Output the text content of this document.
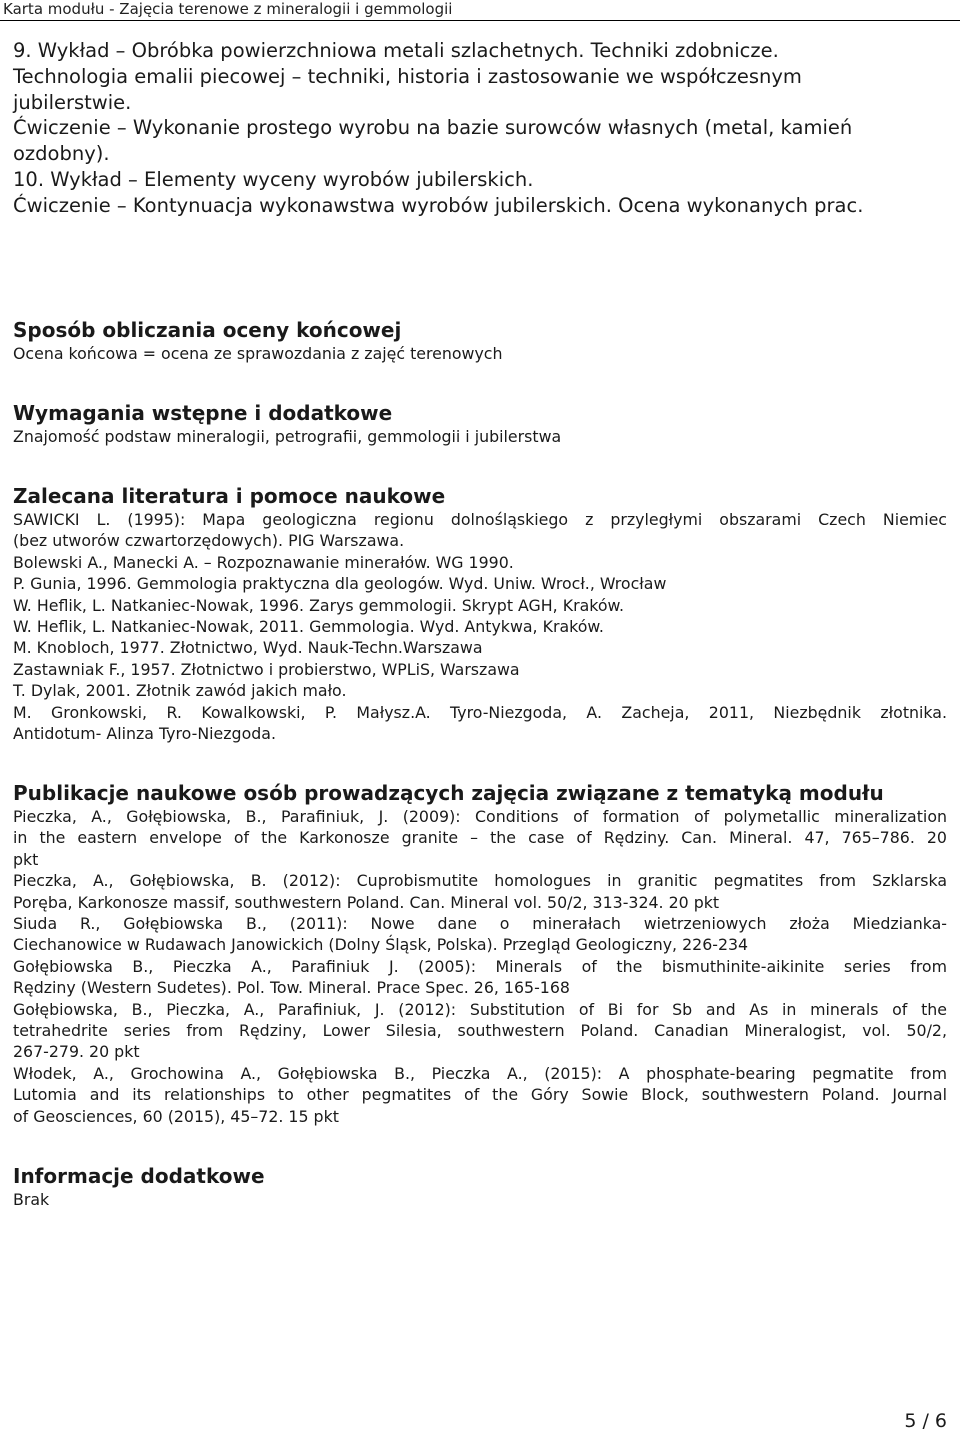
Karta modułu - Zajęcia terenowe z mineralogii i gemmologii

9. Wykład – Obróbka powierzchniowa metali szlachetnych. Techniki zdobnicze.

Technologia emalii piecowej – techniki, historia i zastosowanie we współczesnym

jubilerstwie.

Ćwiczenie – Wykonanie prostego wyrobu na bazie surowców własnych (metal, kamień

ozdobny).

10. Wykład – Elementy wyceny wyrobów jubilerskich.

Ćwiczenie – Kontynuacja wykonawstwa wyrobów jubilerskich. Ocena wykonanych prac.

Sposób obliczania oceny końcowej

Ocena końcowa = ocena ze sprawozdania z zajęć terenowych

Wymagania wstępne i dodatkowe

Znajomość podstaw mineralogii, petrografii, gemmologii i jubilerstwa

Zalecana literatura i pomoce naukowe

SAWICKI L. (1995): Mapa geologiczna regionu dolnośląskiego z przyległymi obszarami Czech Niemiec

(bez utworów czwartorzędowych). PIG Warszawa.

Bolewski A., Manecki A. – Rozpoznawanie minerałów. WG 1990.

P. Gunia, 1996. Gemmologia praktyczna dla geologów. Wyd. Uniw. Wrocł., Wrocław

W. Heflik, L. Natkaniec-Nowak, 1996. Zarys gemmologii. Skrypt AGH, Kraków.

W. Heflik, L. Natkaniec-Nowak, 2011. Gemmologia. Wyd. Antykwa, Kraków.

M. Knobloch, 1977. Złotnictwo, Wyd. Nauk-Techn.Warszawa

Zastawniak F., 1957. Złotnictwo i probierstwo, WPLiS, Warszawa

T. Dylak, 2001. Złotnik zawód jakich mało.

M. Gronkowski, R. Kowalkowski, P. Małysz.A. Tyro-Niezgoda, A. Zacheja, 2011, Niezbędnik złotnika.

Antidotum- Alinza Tyro-Niezgoda.

Publikacje naukowe osób prowadzących zajęcia związane z tematyką modułu

Pieczka, A., Gołębiowska, B., Parafiniuk, J. (2009): Conditions of formation of polymetallic mineralization

in the eastern envelope of the Karkonosze granite – the case of Rędziny. Can. Mineral. 47, 765–786. 20

pkt

Pieczka, A., Gołębiowska, B. (2012): Cuprobismutite homologues in granitic pegmatites from Szklarska

Poręba, Karkonosze massif, southwestern Poland. Can. Mineral vol. 50/2, 313-324. 20 pkt

Siuda R., Gołębiowska B., (2011): Nowe dane o minerałach wietrzeniowych złoża Miedzianka-

Ciechanowice w Rudawach Janowickich (Dolny Śląsk, Polska). Przegląd Geologiczny, 226-234

Gołębiowska B., Pieczka A., Parafiniuk J. (2005): Minerals of the bismuthinite-aikinite series from

Rędziny (Western Sudetes). Pol. Tow. Mineral. Prace Spec. 26, 165-168

Gołębiowska, B., Pieczka, A., Parafiniuk, J. (2012): Substitution of Bi for Sb and As in minerals of the

tetrahedrite series from Rędziny, Lower Silesia, southwestern Poland. Canadian Mineralogist, vol. 50/2,

267-279. 20 pkt

Włodek, A., Grochowina A., Gołębiowska B., Pieczka A., (2015): A phosphate-bearing pegmatite from

Lutomia and its relationships to other pegmatites of the Góry Sowie Block, southwestern Poland. Journal

of Geosciences, 60 (2015), 45–72. 15 pkt

Informacje dodatkowe

Brak

5 / 6
